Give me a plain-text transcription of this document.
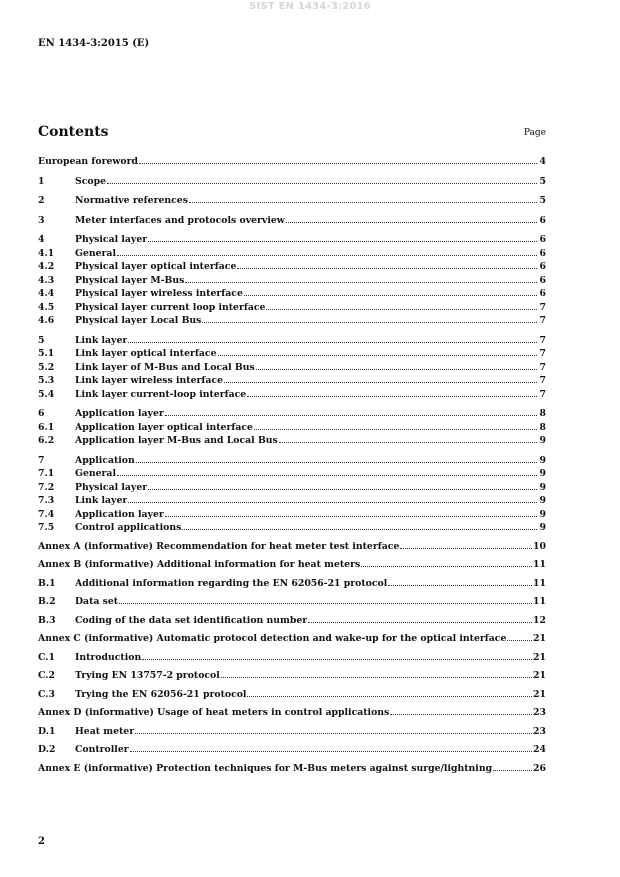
SIST EN 1434-3:2016
EN 1434-3:2015 (E)
Contents	Page
European foreword	4
1	Scope	5
2	Normative references	5
3	Meter interfaces and protocols overview	6
4	Physical layer	6
4.1	General	6
4.2	Physical layer optical interface	6
4.3	Physical layer M-Bus	6
4.4	Physical layer wireless interface	6
4.5	Physical layer current loop interface	7
4.6	Physical layer Local Bus	7
5	Link layer	7
5.1	Link layer optical interface	7
5.2	Link layer of M-Bus and Local Bus	7
5.3	Link layer wireless interface	7
5.4	Link layer current-loop interface	7
6	Application layer	8
6.1	Application layer optical interface	8
6.2	Application layer M-Bus and Local Bus	9
7	Application	9
7.1	General	9
7.2	Physical layer	9
7.3	Link layer	9
7.4	Application layer	9
7.5	Control applications	9
Annex A (informative) Recommendation for heat meter test interface	10
Annex B (informative) Additional information for heat meters	11
B.1	Additional information regarding the EN 62056-21 protocol	11
B.2	Data set	11
B.3	Coding of the data set identification number	12
Annex C (informative) Automatic protocol detection and wake-up for the optical interface	21
C.1	Introduction	21
C.2	Trying EN 13757-2 protocol	21
C.3	Trying the EN 62056-21 protocol	21
Annex D (informative) Usage of heat meters in control applications	23
D.1	Heat meter	23
D.2	Controller	24
Annex E (informative) Protection techniques for M-Bus meters against surge/lightning	26
2
